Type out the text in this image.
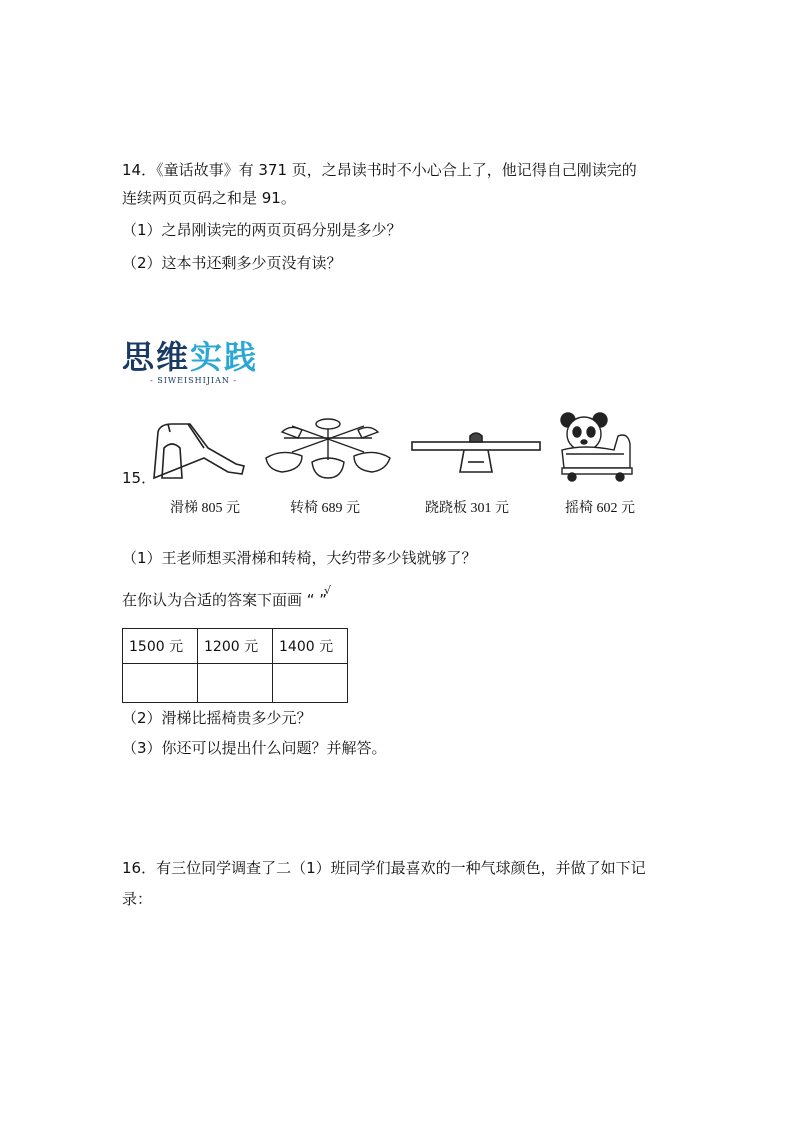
14．《童话故事》有 371 页，之昂读书时不小心合上了，他记得自己刚读完的
连续两页页码之和是 91。
（1）之昂刚读完的两页页码分别是多少？
（2）这本书还剩多少页没有读？
思维实践
- SIWEISHIJIAN -
15．
滑梯 805 元	转椅 689 元	跷跷板 301 元	摇椅 602 元
（1）王老师想买滑梯和转椅，大约带多少钱就够了？
在你认为合适的答案下面画 “ ”
√
1500 元	1200 元	1400 元

（2）滑梯比摇椅贵多少元？
（3）你还可以提出什么问题？并解答。
16．有三位同学调查了二（1）班同学们最喜欢的一种气球颜色，并做了如下记
录：
